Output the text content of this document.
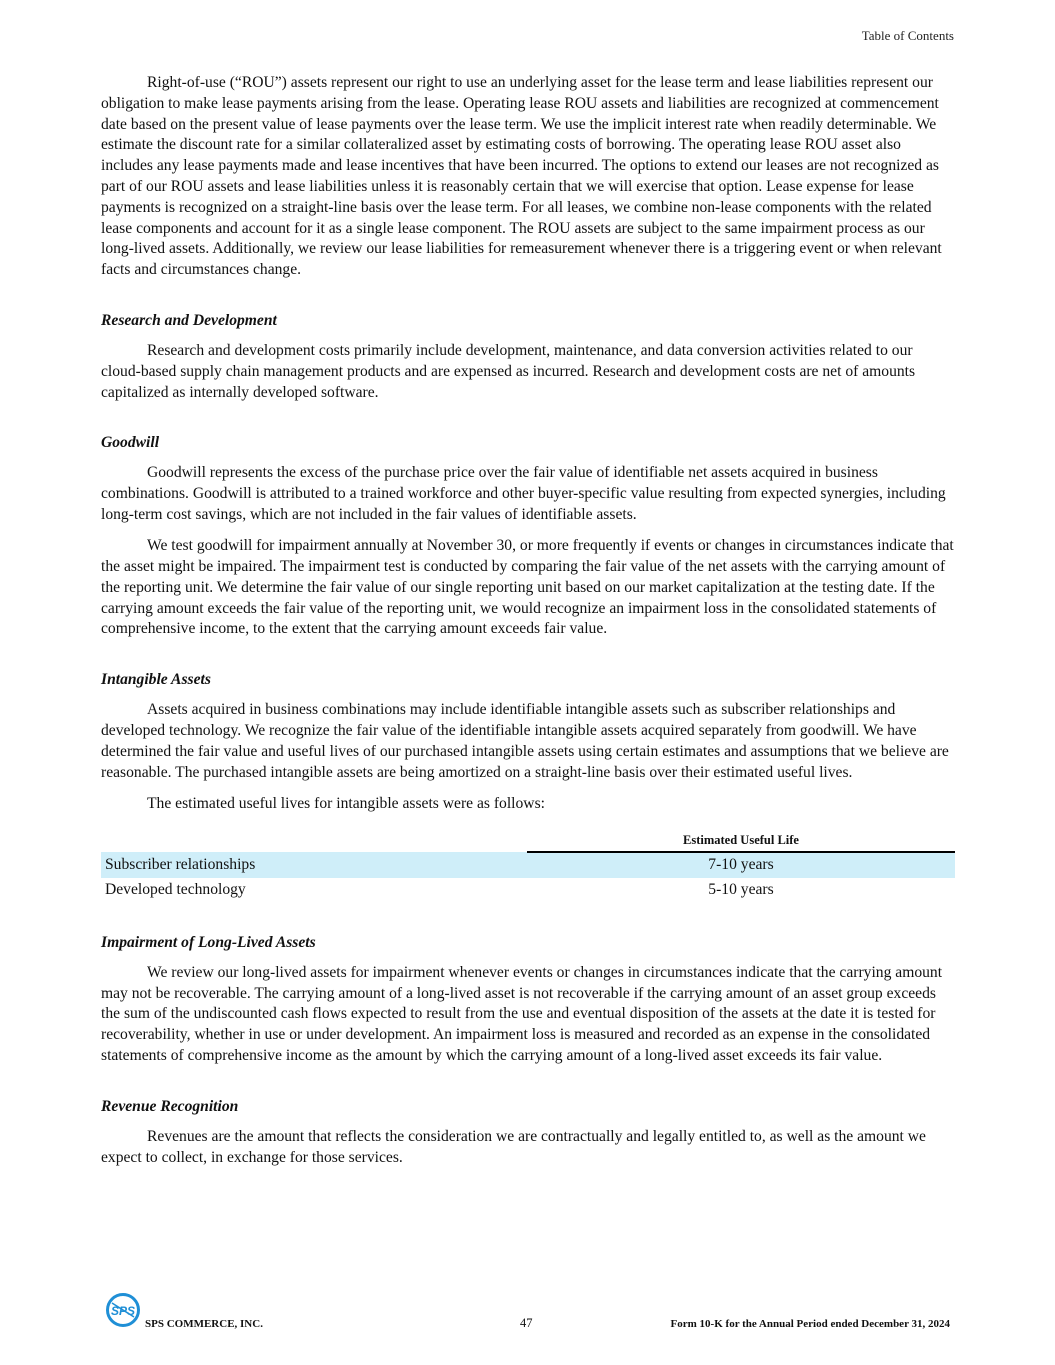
Table of Contents

Right-of-use (“ROU”) assets represent our right to use an underlying asset for the lease term and lease liabilities represent our obligation to make lease payments arising from the lease. Operating lease ROU assets and liabilities are recognized at commencement date based on the present value of lease payments over the lease term. We use the implicit interest rate when readily determinable. We estimate the discount rate for a similar collateralized asset by estimating costs of borrowing. The operating lease ROU asset also includes any lease payments made and lease incentives that have been incurred. The options to extend our leases are not recognized as part of our ROU assets and lease liabilities unless it is reasonably certain that we will exercise that option. Lease expense for lease payments is recognized on a straight-line basis over the lease term. For all leases, we combine non-lease components with the related lease components and account for it as a single lease component. The ROU assets are subject to the same impairment process as our long-lived assets. Additionally, we review our lease liabilities for remeasurement whenever there is a triggering event or when relevant facts and circumstances change.

Research and Development

Research and development costs primarily include development, maintenance, and data conversion activities related to our cloud-based supply chain management products and are expensed as incurred. Research and development costs are net of amounts capitalized as internally developed software.

Goodwill

Goodwill represents the excess of the purchase price over the fair value of identifiable net assets acquired in business combinations. Goodwill is attributed to a trained workforce and other buyer-specific value resulting from expected synergies, including long-term cost savings, which are not included in the fair values of identifiable assets.

We test goodwill for impairment annually at November 30, or more frequently if events or changes in circumstances indicate that the asset might be impaired. The impairment test is conducted by comparing the fair value of the net assets with the carrying amount of the reporting unit. We determine the fair value of our single reporting unit based on our market capitalization at the testing date. If the carrying amount exceeds the fair value of the reporting unit, we would recognize an impairment loss in the consolidated statements of comprehensive income, to the extent that the carrying amount exceeds fair value.

Intangible Assets

Assets acquired in business combinations may include identifiable intangible assets such as subscriber relationships and developed technology. We recognize the fair value of the identifiable intangible assets acquired separately from goodwill. We have determined the fair value and useful lives of our purchased intangible assets using certain estimates and assumptions that we believe are reasonable. The purchased intangible assets are being amortized on a straight-line basis over their estimated useful lives.

The estimated useful lives for intangible assets were as follows:

	Estimated Useful Life
Subscriber relationships	7-10 years
Developed technology	5-10 years
Impairment of Long-Lived Assets

We review our long-lived assets for impairment whenever events or changes in circumstances indicate that the carrying amount may not be recoverable. The carrying amount of a long-lived asset is not recoverable if the carrying amount of an asset group exceeds the sum of the undiscounted cash flows expected to result from the use and eventual disposition of the assets at the date it is tested for recoverability, whether in use or under development. An impairment loss is measured and recorded as an expense in the consolidated statements of comprehensive income as the amount by which the carrying amount of a long-lived asset exceeds its fair value.

Revenue Recognition

Revenues are the amount that reflects the consideration we are contractually and legally entitled to, as well as the amount we expect to collect, in exchange for those services.

SPS
SPS COMMERCE, INC.	47	Form 10-K for the Annual Period ended December 31, 2024
